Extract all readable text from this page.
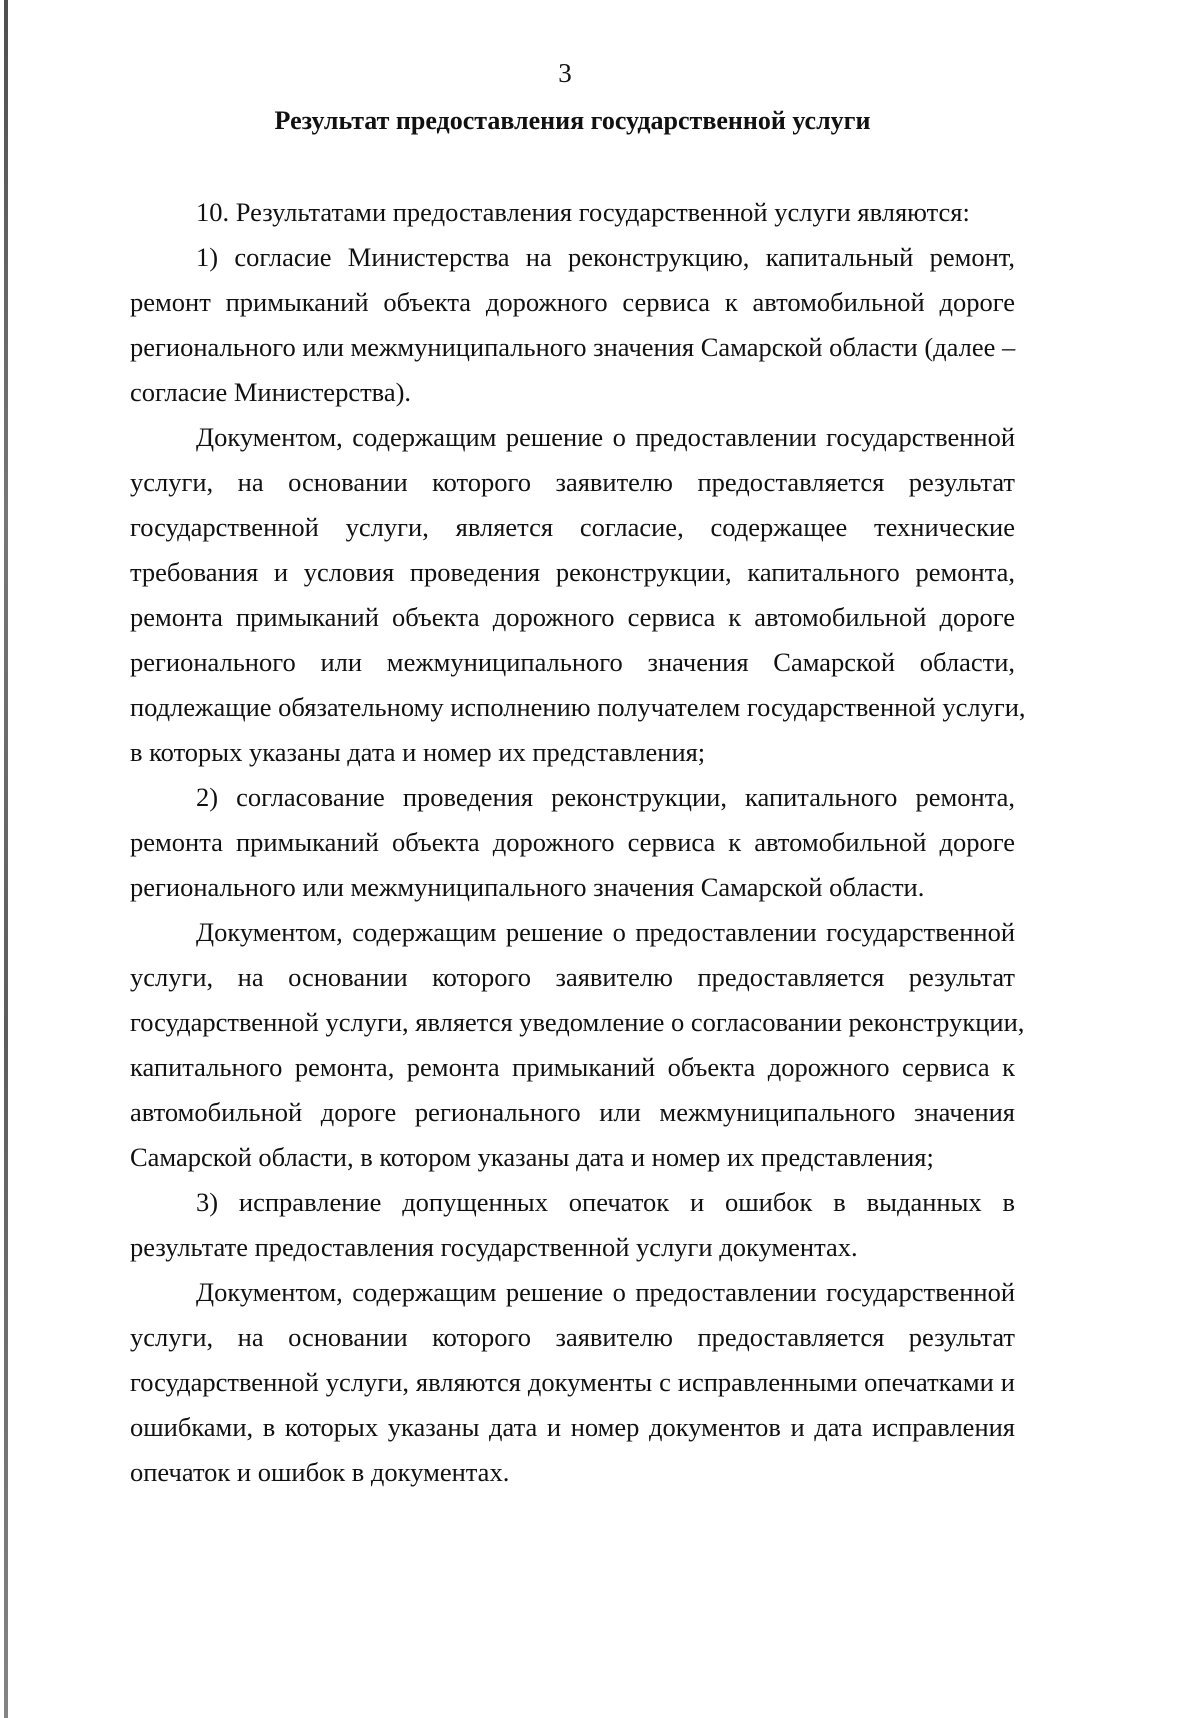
3
Результат предоставления государственной услуги
10. Результатами предоставления государственной услуги являются:
1) согласие Министерства на реконструкцию, капитальный ремонт,
ремонт примыканий объекта дорожного сервиса к автомобильной дороге
регионального или межмуниципального значения Самарской области (далее –
согласие Министерства).
Документом, содержащим решение о предоставлении государственной
услуги, на основании которого заявителю предоставляется результат
государственной услуги, является согласие, содержащее технические
требования и условия проведения реконструкции, капитального ремонта,
ремонта примыканий объекта дорожного сервиса к автомобильной дороге
регионального или межмуниципального значения Самарской области,
подлежащие обязательному исполнению получателем государственной услуги,
в которых указаны дата и номер их представления;
2) согласование проведения реконструкции, капитального ремонта,
ремонта примыканий объекта дорожного сервиса к автомобильной дороге
регионального или межмуниципального значения Самарской области.
Документом, содержащим решение о предоставлении государственной
услуги, на основании которого заявителю предоставляется результат
государственной услуги, является уведомление о согласовании реконструкции,
капитального ремонта, ремонта примыканий объекта дорожного сервиса к
автомобильной дороге регионального или межмуниципального значения
Самарской области, в котором указаны дата и номер их представления;
3) исправление допущенных опечаток и ошибок в выданных в
результате предоставления государственной услуги документах.
Документом, содержащим решение о предоставлении государственной
услуги, на основании которого заявителю предоставляется результат
государственной услуги, являются документы с исправленными опечатками и
ошибками, в которых указаны дата и номер документов и дата исправления
опечаток и ошибок в документах.
